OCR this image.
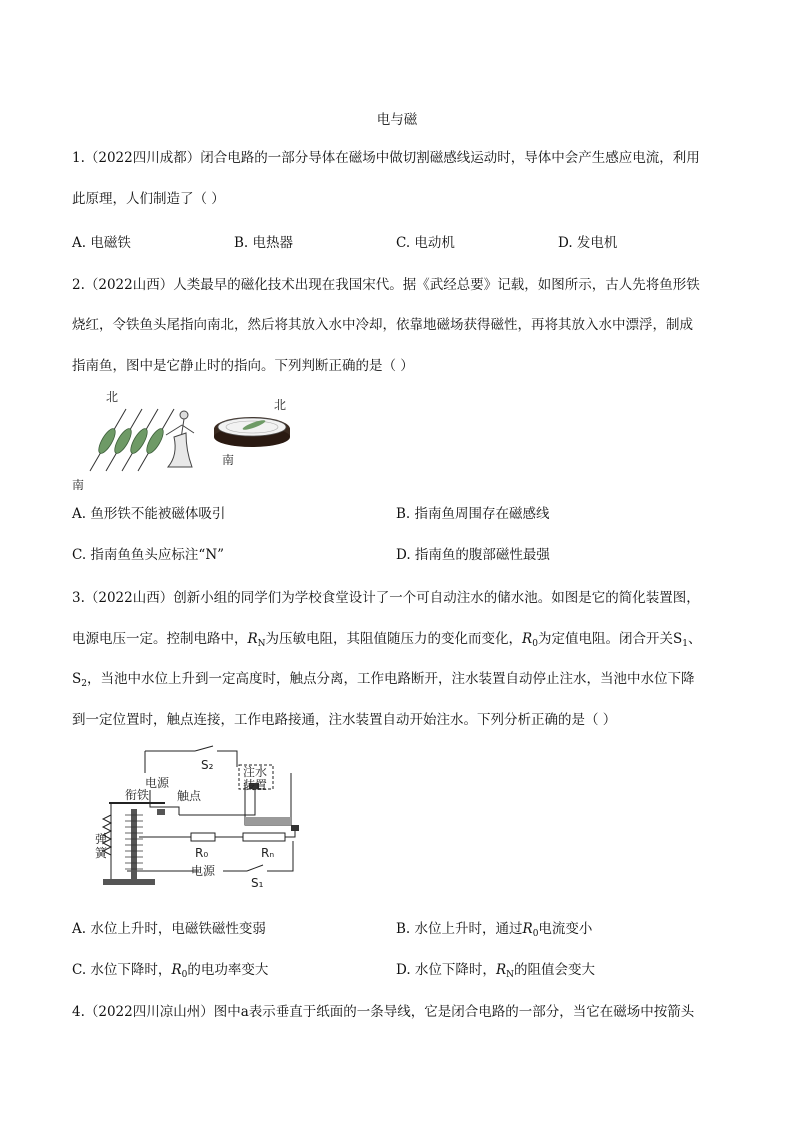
电与磁
1.（2022四川成都）闭合电路的一部分导体在磁场中做切割磁感线运动时，导体中会产生感应电流，利用
此原理，人们制造了（ ）
A. 电磁铁	B. 电热器	C. 电动机	D. 发电机
2.（2022山西）人类最早的磁化技术出现在我国宋代。据《武经总要》记载，如图所示，古人先将鱼形铁
烧红，令铁鱼头尾指向南北，然后将其放入水中冷却，依靠地磁场获得磁性，再将其放入水中漂浮，制成
指南鱼，图中是它静止时的指向。下列判断正确的是（ ）
北
南
北
南
A. 鱼形铁不能被磁体吸引	B. 指南鱼周围存在磁感线
C. 指南鱼鱼头应标注“N”	D. 指南鱼的腹部磁性最强
3.（2022山西）创新小组的同学们为学校食堂设计了一个可自动注水的储水池。如图是它的简化装置图，
电源电压一定。控制电路中，$R_N$为压敏电阻，其阻值随压力的变化而变化，$R_0$为定值电阻。闭合开关$S_1$、
$S_2$，当池中水位上升到一定高度时，触点分离，工作电路断开，注水装置自动停止注水，当池中水位下降
到一定位置时，触点连接，工作电路接通，注水装置自动开始注水。下列分析正确的是（ ）
S₂
电源
注水
装置
衔铁 触点
弹
簧	R₀	Rₙ
电源
S₁
A. 水位上升时，电磁铁磁性变弱	B. 水位上升时，通过$R_0$电流变小
C. 水位下降时，$R_0$的电功率变大	D. 水位下降时，$R_N$的阻值会变大
4.（2022四川凉山州）图中a表示垂直于纸面的一条导线，它是闭合电路的一部分，当它在磁场中按箭头
